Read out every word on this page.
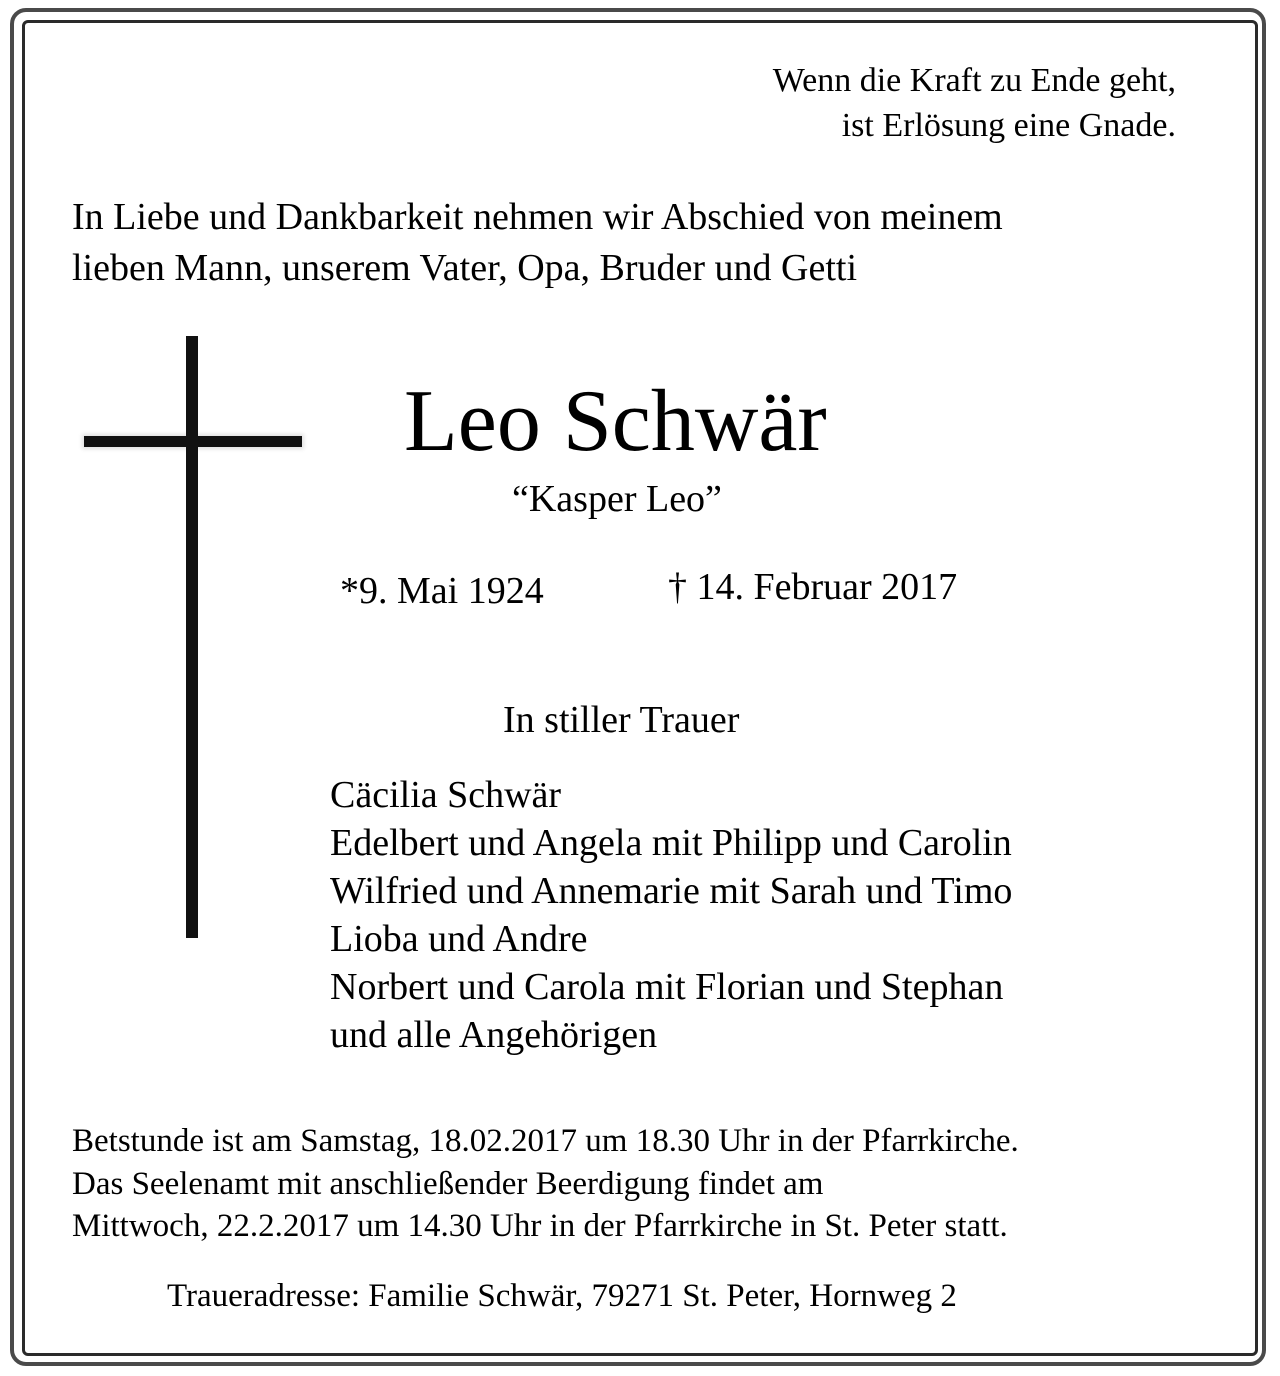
Wenn die Kraft zu Ende geht,
ist Erlösung eine Gnade.
In Liebe und Dankbarkeit nehmen wir Abschied von meinem
lieben Mann, unserem Vater, Opa, Bruder und Getti
Leo Schwär
“Kasper Leo”
*9. Mai 1924	† 14. Februar 2017
In stiller Trauer
Cäcilia Schwär
Edelbert und Angela mit Philipp und Carolin
Wilfried und Annemarie mit Sarah und Timo
Lioba und Andre
Norbert und Carola mit Florian und Stephan
und alle Angehörigen
Betstunde ist am Samstag, 18.02.2017 um 18.30 Uhr in der Pfarrkirche.
Das Seelenamt mit anschließender Beerdigung findet am
Mittwoch, 22.2.2017 um 14.30 Uhr in der Pfarrkirche in St. Peter statt.
Traueradresse: Familie Schwär, 79271 St. Peter, Hornweg 2
